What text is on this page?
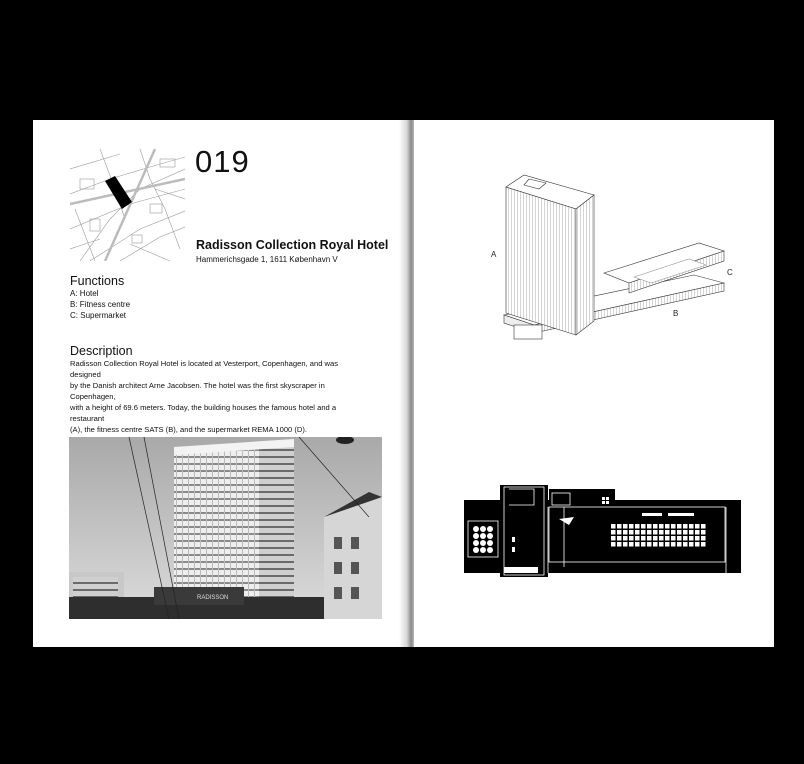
019
Radisson Collection Royal Hotel
Hammerichsgade 1, 1611 København V
Functions
A: Hotel
B: Fitness centre
C: Supermarket
Description
Radisson Collection Royal Hotel is located at Vesterport, Copenhagen, and was designed
by the Danish architect Arne Jacobsen. The hotel was the first skyscraper in Copenhagen,
with a height of 69.6 meters. Today, the building houses the famous hotel and a restaurant
(A), the fitness centre SATS (B), and the supermarket REMA 1000 (D).
RADISSON
A
B
C
